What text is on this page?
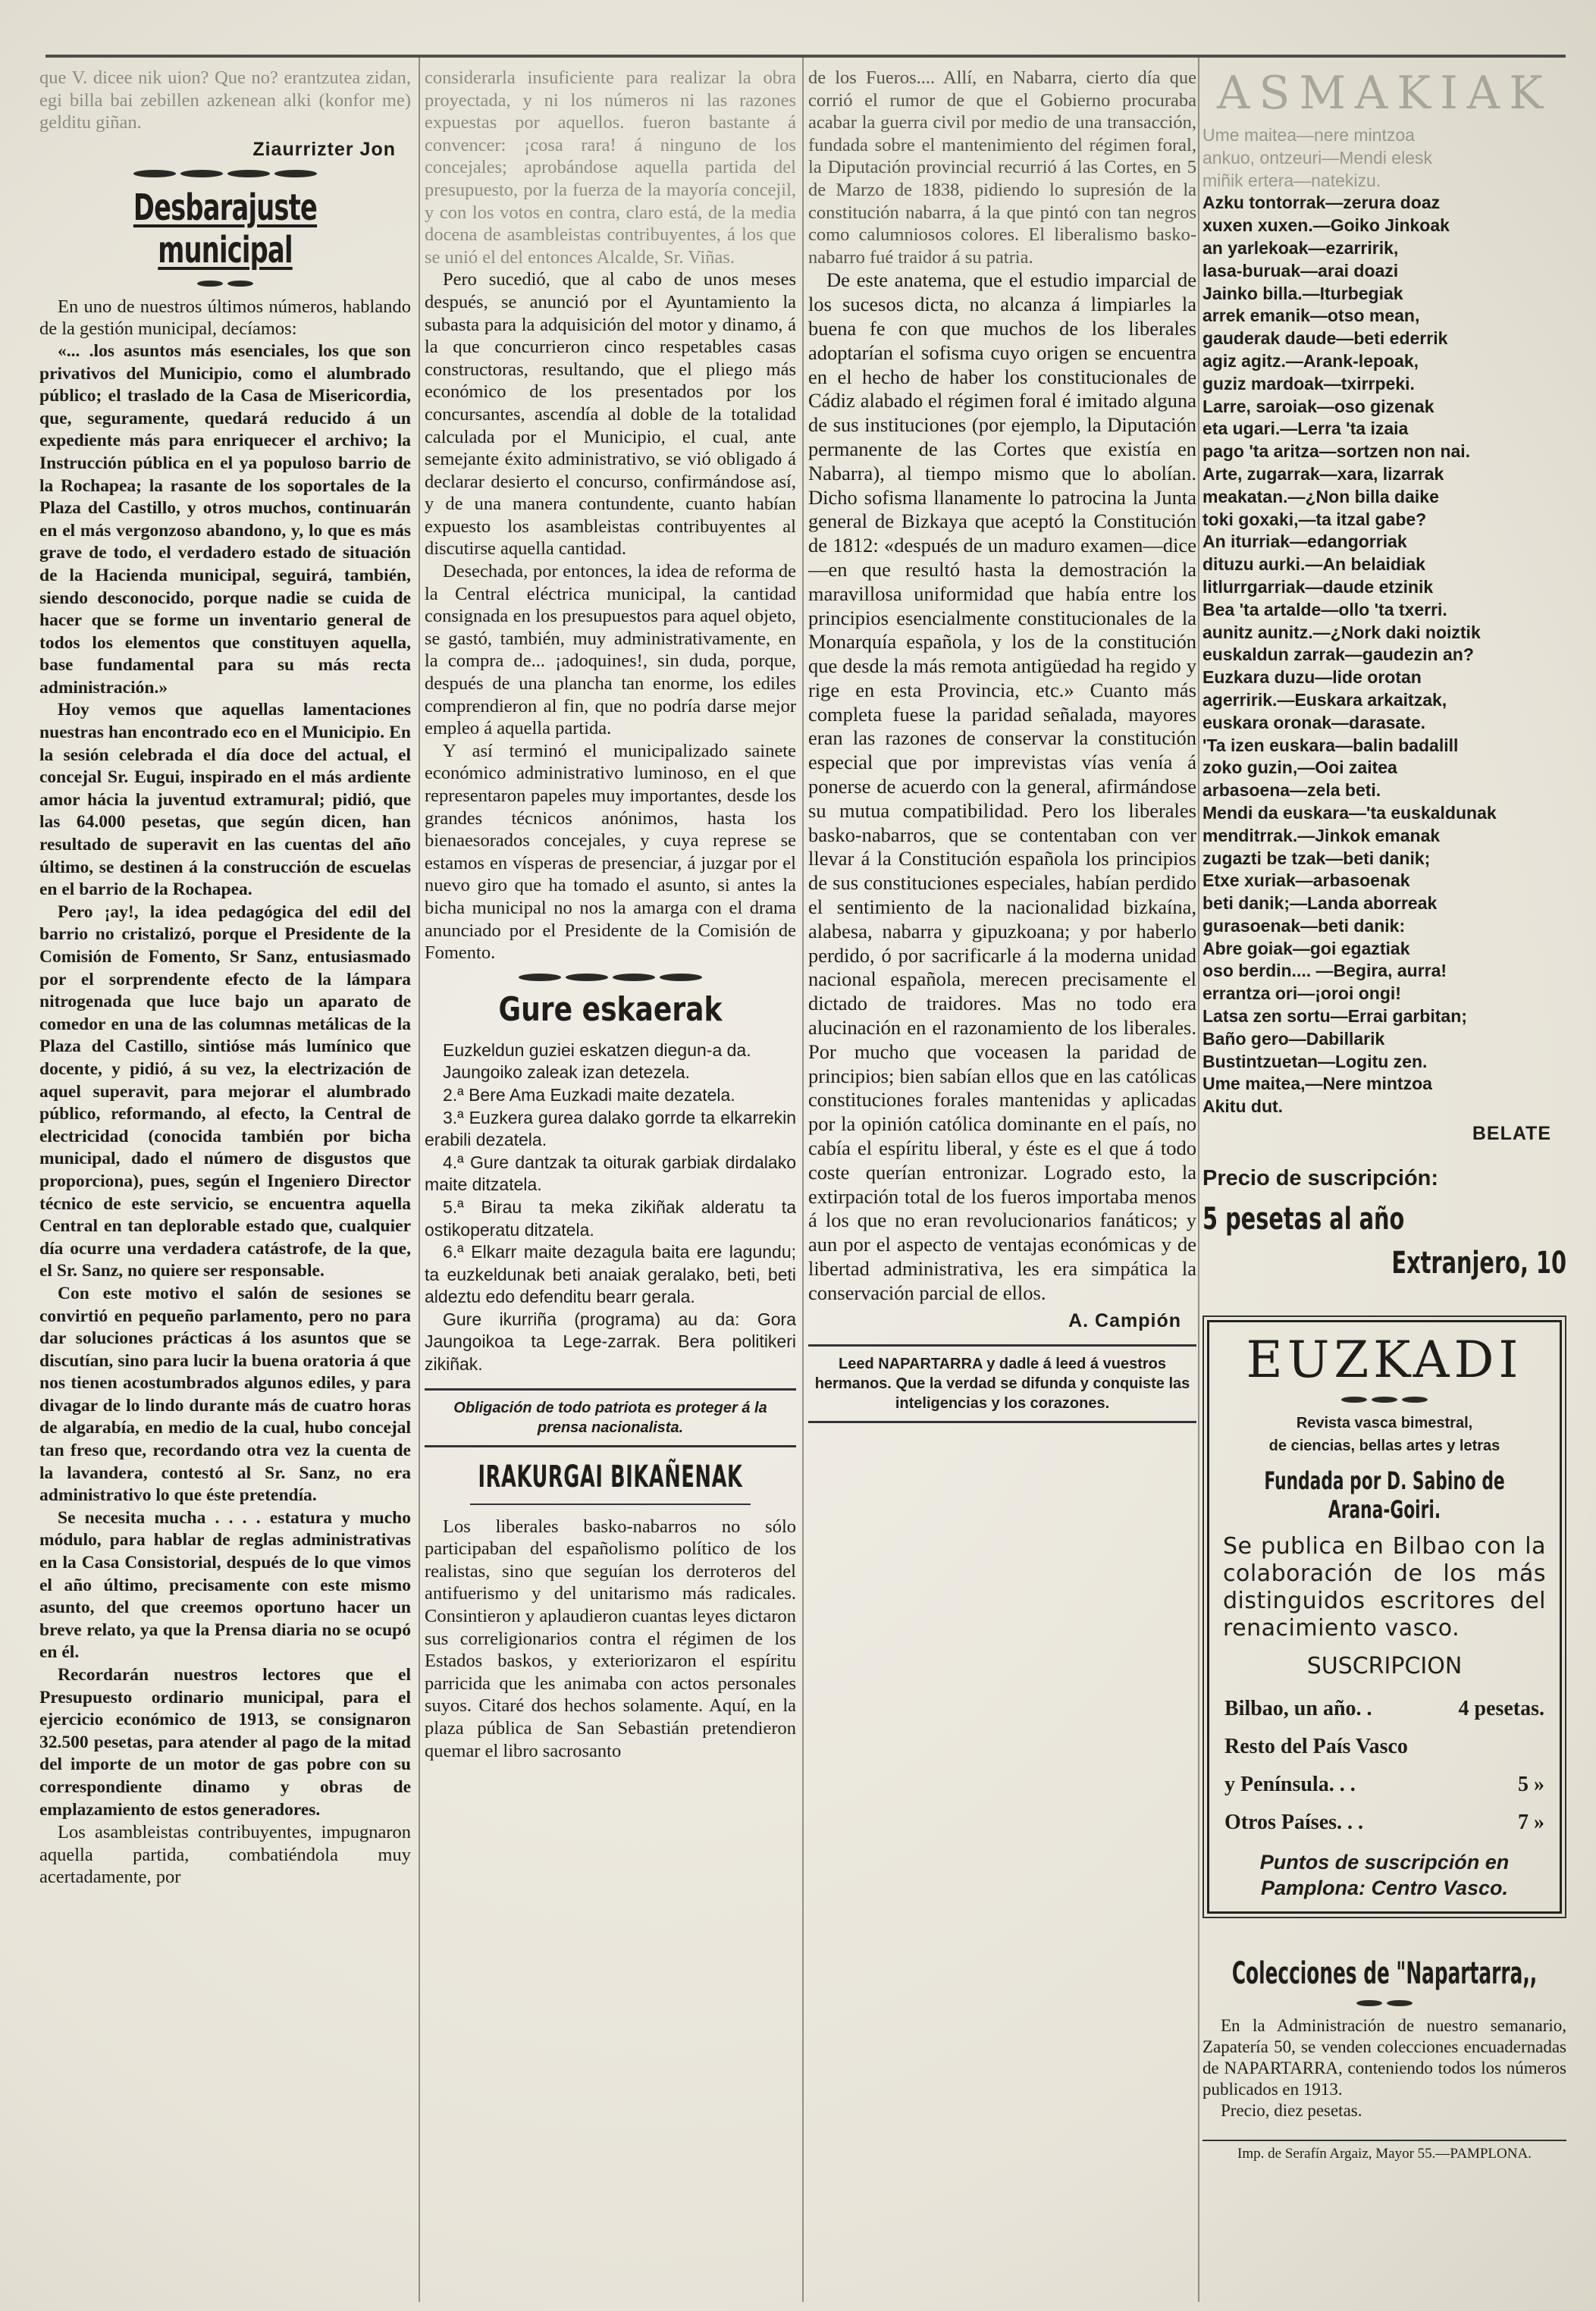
que V. dicee nik uion? Que no? erantzutea zidan, egi billa bai zebillen azkenean alki (konfor me) gelditu giñan.

Ziaurrizter Jon
Desbarajuste municipal

En uno de nuestros últimos números, hablando de la gestión municipal, decíamos:

«... .los asuntos más esenciales, los que son privativos del Municipio, como el alumbrado público; el traslado de la Casa de Misericordia, que, seguramente, quedará reducido á un expediente más para enriquecer el archivo; la Instrucción pública en el ya populoso barrio de la Rochapea; la rasante de los soportales de la Plaza del Castillo, y otros muchos, continuarán en el más vergonzoso abandono, y, lo que es más grave de todo, el verdadero estado de situación de la Hacienda municipal, seguirá, también, siendo desconocido, porque nadie se cuida de hacer que se forme un inventario general de todos los elementos que constituyen aquella, base fundamental para su más recta administración.»

Hoy vemos que aquellas lamentaciones nuestras han encontrado eco en el Municipio. En la sesión celebrada el día doce del actual, el concejal Sr. Eugui, inspirado en el más ardiente amor hácia la juventud extramural; pidió, que las 64.000 pesetas, que según dicen, han resultado de superavit en las cuentas del año último, se destinen á la construcción de escuelas en el barrio de la Rochapea.

Pero ¡ay!, la idea pedagógica del edil del barrio no cristalizó, porque el Presidente de la Comisión de Fomento, Sr Sanz, entusiasmado por el sorprendente efecto de la lámpara nitrogenada que luce bajo un aparato de comedor en una de las columnas metálicas de la Plaza del Castillo, sintióse más lumínico que docente, y pidió, á su vez, la electrización de aquel superavit, para mejorar el alumbrado público, reformando, al efecto, la Central de electricidad (conocida también por bicha municipal, dado el número de disgustos que proporciona), pues, según el Ingeniero Director técnico de este servicio, se encuentra aquella Central en tan deplorable estado que, cualquier día ocurre una verdadera catástrofe, de la que, el Sr. Sanz, no quiere ser responsable.

Con este motivo el salón de sesiones se convirtió en pequeño parlamento, pero no para dar soluciones prácticas á los asuntos que se discutían, sino para lucir la buena oratoria á que nos tienen acostumbrados algunos ediles, y para divagar de lo lindo durante más de cuatro horas de algarabía, en medio de la cual, hubo concejal tan freso que, recordando otra vez la cuenta de la lavandera, contestó al Sr. Sanz, no era administrativo lo que éste pretendía.

Se necesita mucha . . . . estatura y mucho módulo, para hablar de reglas administrativas en la Casa Consistorial, después de lo que vimos el año último, precisamente con este mismo asunto, del que creemos oportuno hacer un breve relato, ya que la Prensa diaria no se ocupó en él.

Recordarán nuestros lectores que el Presupuesto ordinario municipal, para el ejercicio económico de 1913, se consignaron 32.500 pesetas, para atender al pago de la mitad del importe de un motor de gas pobre con su correspondiente dinamo y obras de emplazamiento de estos generadores.

Los asambleistas contribuyentes, impugnaron aquella partida, combatiéndola muy acertadamente, por

considerarla insuficiente para realizar la obra proyectada, y ni los números ni las razones expuestas por aquellos. fueron bastante á convencer: ¡cosa rara! á ninguno de los concejales; aprobándose aquella partida del presupuesto, por la fuerza de la mayoría concejil, y con los votos en contra, claro está, de la media docena de asambleistas contribuyentes, á los que se unió el del entonces Alcalde, Sr. Viñas.

Pero sucedió, que al cabo de unos meses después, se anunció por el Ayuntamiento la subasta para la adquisición del motor y dinamo, á la que concurrieron cinco respetables casas constructoras, resultando, que el pliego más económico de los presentados por los concursantes, ascendía al doble de la totalidad calculada por el Municipio, el cual, ante semejante éxito administrativo, se vió obligado á declarar desierto el concurso, confirmándose así, y de una manera contundente, cuanto habían expuesto los asambleistas contribuyentes al discutirse aquella cantidad.

Desechada, por entonces, la idea de reforma de la Central eléctrica municipal, la cantidad consignada en los presupuestos para aquel objeto, se gastó, también, muy administrativamente, en la compra de... ¡adoquines!, sin duda, porque, después de una plancha tan enorme, los ediles comprendieron al fin, que no podría darse mejor empleo á aquella partida.

Y así terminó el municipalizado sainete económico administrativo luminoso, en el que representaron papeles muy importantes, desde los grandes técnicos anónimos, hasta los bienaesorados concejales, y cuya represe se estamos en vísperas de presenciar, á juzgar por el nuevo giro que ha tomado el asunto, si antes la bicha municipal no nos la amarga con el drama anunciado por el Presidente de la Comisión de Fomento.

Gure eskaerak

Euzkeldun guziei eskatzen diegun-a da.

Jaungoiko zaleak izan detezela.

2.ª Bere Ama Euzkadi maite dezatela.

3.ª Euzkera gurea dalako gorrde ta elkarrekin erabili dezatela.

4.ª Gure dantzak ta oiturak garbiak dirdalako maite ditzatela.

5.ª Birau ta meka zikiñak alderatu ta ostikoperatu ditzatela.

6.ª Elkarr maite dezagula baita ere lagundu; ta euzkeldunak beti anaiak geralako, beti, beti aldeztu edo defenditu bearr gerala.

Gure ikurriña (programa) au da: Gora Jaungoikoa ta Lege-zarrak. Bera politikeri zikiñak.

Obligación de todo patriota es proteger á la prensa nacionalista.
IRAKURGAI BIKAÑENAK

Los liberales basko-nabarros no sólo participaban del españolismo político de los realistas, sino que seguían los derroteros del antifuerismo y del unitarismo más radicales. Consintieron y aplaudieron cuantas leyes dictaron sus correligionarios contra el régimen de los Estados baskos, y exteriorizaron el espíritu parricida que les animaba con actos personales suyos. Citaré dos hechos solamente. Aquí, en la plaza pública de San Sebastián pretendieron quemar el libro sacrosanto

de los Fueros.... Allí, en Nabarra, cierto día que corrió el rumor de que el Gobierno procuraba acabar la guerra civil por medio de una transacción, fundada sobre el mantenimiento del régimen foral, la Diputación provincial recurrió á las Cortes, en 5 de Marzo de 1838, pidiendo lo supresión de la constitución nabarra, á la que pintó con tan negros como calumniosos colores. El liberalismo basko-nabarro fué traidor á su patria.

De este anatema, que el estudio imparcial de los sucesos dicta, no alcanza á limpiarles la buena fe con que muchos de los liberales adoptarían el sofisma cuyo origen se encuentra en el hecho de haber los constitucionales de Cádiz alabado el régimen foral é imitado alguna de sus instituciones (por ejemplo, la Diputación permanente de las Cortes que existía en Nabarra), al tiempo mismo que lo abolían. Dicho sofisma llanamente lo patrocina la Junta general de Bizkaya que aceptó la Constitución de 1812: «después de un maduro examen—dice —en que resultó hasta la demostración la maravillosa uniformidad que había entre los principios esencialmente constitucionales de la Monarquía española, y los de la constitución que desde la más remota antigüedad ha regido y rige en esta Provincia, etc.» Cuanto más completa fuese la paridad señalada, mayores eran las razones de conservar la constitución especial que por imprevistas vías venía á ponerse de acuerdo con la general, afirmándose su mutua compatibilidad. Pero los liberales basko-nabarros, que se contentaban con ver llevar á la Constitución española los principios de sus constituciones especiales, habían perdido el sentimiento de la nacionalidad bizkaína, alabesa, nabarra y gipuzkoana; y por haberlo perdido, ó por sacrificarle á la moderna unidad nacional española, merecen precisamente el dictado de traidores. Mas no todo era alucinación en el razonamiento de los liberales. Por mucho que voceasen la paridad de principios; bien sabían ellos que en las católicas constituciones forales mantenidas y aplicadas por la opinión católica dominante en el país, no cabía el espíritu liberal, y éste es el que á todo coste querían entronizar. Logrado esto, la extirpación total de los fueros importaba menos á los que no eran revolucionarios fanáticos; y aun por el aspecto de ventajas económicas y de libertad administrativa, les era simpática la conservación parcial de ellos.

A. Campión
Leed NAPARTARRA y dadle á leed á vuestros hermanos. Que la verdad se difunda y conquiste las inteligencias y los corazones.
ASMAKIAK
Ume maitea—nere mintzoa
ankuo, ontzeuri—Mendi elesk
miñik ertera—natekizu.
Azku tontorrak—zerura doaz
xuxen xuxen.—Goiko Jinkoak
an yarlekoak—ezarririk,
lasa-buruak—arai doazi
Jainko billa.—Iturbegiak
arrek emanik—otso mean,
gauderak daude—beti ederrik
agiz agitz.—Arank-lepoak,
guziz mardoak—txirrpeki.
Larre, saroiak—oso gizenak
eta ugari.—Lerra 'ta izaia
pago 'ta aritza—sortzen non nai.
Arte, zugarrak—xara, lizarrak
meakatan.—¿Non billa daike
toki goxaki,—ta itzal gabe?
An iturriak—edangorriak
dituzu aurki.—An belaidiak
litlurrgarriak—daude etzinik
Bea 'ta artalde—ollo 'ta txerri.
aunitz aunitz.—¿Nork daki noiztik
euskaldun zarrak—gaudezin an?
Euzkara duzu—lide orotan
agerririk.—Euskara arkaitzak,
euskara oronak—darasate.
'Ta izen euskara—balin badalill
zoko guzin,—Ooi zaitea
arbasoena—zela beti.
Mendi da euskara—'ta euskaldunak
menditrrak.—Jinkok emanak
zugazti be tzak—beti danik;
Etxe xuriak—arbasoenak
beti danik;—Landa aborreak
gurasoenak—beti danik:
Abre goiak—goi egaztiak
oso berdin.... —Begira, aurra!
errantza ori—¡oroi ongi!
Latsa zen sortu—Errai garbitan;
Baño gero—Dabillarik
Bustintzuetan—Logitu zen.
Ume maitea,—Nere mintzoa
Akitu dut.
BELATE
Precio de suscripción:
5 pesetas al año
Extranjero, 10
EUZKADI
Revista vasca bimestral,
de ciencias, bellas artes y letras
Fundada por D. Sabino de Arana-Goiri.
Se publica en Bilbao con la colaboración de los más distinguidos escritores del renacimiento vasco.
SUSCRIPCION
Bilbao, un año. .	4 pesetas.
Resto del País Vasco
y Península. . .	5 »
Otros Países. . .	7 »
Puntos de suscripción en Pamplona: Centro Vasco.
Colecciones de "Napartarra,,

En la Administración de nuestro semanario, Zapatería 50, se venden colecciones encuadernadas de NAPARTARRA, conteniendo todos los números publicados en 1913.

Precio, diez pesetas.

Imp. de Serafín Argaiz, Mayor 55.—PAMPLONA.
